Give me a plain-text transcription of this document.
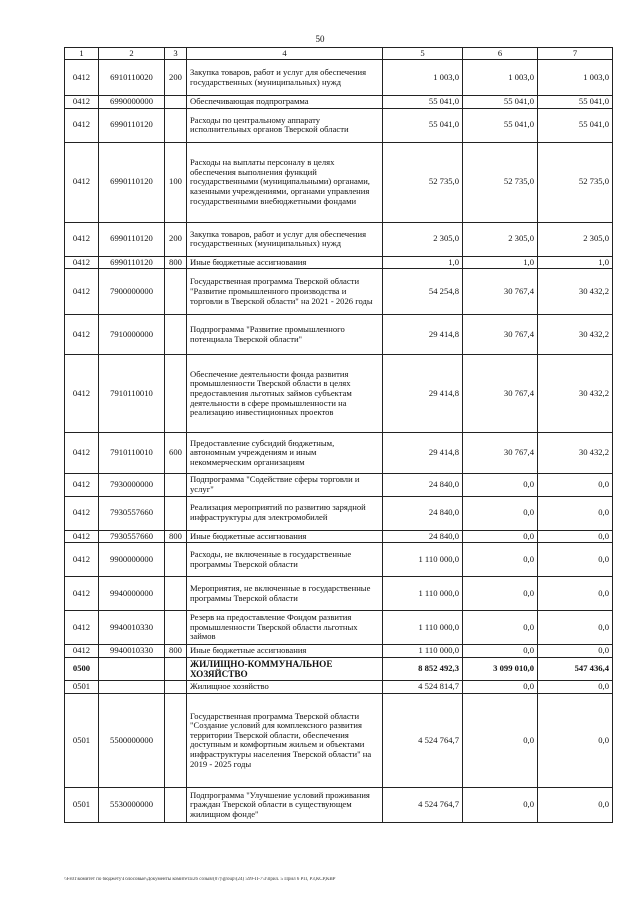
50
1	2	3	4	5	6	7
0412	6910110020	200	Закупка товаров, работ и услуг для обеспечения государственных (муниципальных) нужд	1 003,0	1 003,0	1 003,0
0412	6990000000		Обеспечивающая подпрограмма	55 041,0	55 041,0	55 041,0
0412	6990110120		Расходы по центральному аппарату исполнительных органов Тверской области	55 041,0	55 041,0	55 041,0
0412	6990110120	100	Расходы на выплаты персоналу в целях обеспечения выполнения функций государственными (муниципальными) органами, казенными учреждениями, органами управления государственными внебюджетными фондами	52 735,0	52 735,0	52 735,0
0412	6990110120	200	Закупка товаров, работ и услуг для обеспечения государственных (муниципальных) нужд	2 305,0	2 305,0	2 305,0
0412	6990110120	800	Иные бюджетные ассигнования	1,0	1,0	1,0
0412	7900000000		Государственная программа Тверской области "Развитие промышленного производства и торговли в Тверской области" на 2021 - 2026 годы	54 254,8	30 767,4	30 432,2
0412	7910000000		Подпрограмма "Развитие промышленного потенциала Тверской области"	29 414,8	30 767,4	30 432,2
0412	7910110010		Обеспечение деятельности фонда развития промышленности Тверской области в целях предоставления льготных займов субъектам деятельности в сфере промышленности на реализацию инвестиционных проектов	29 414,8	30 767,4	30 432,2
0412	7910110010	600	Предоставление субсидий бюджетным, автономным учреждениям и иным некоммерческим организациям	29 414,8	30 767,4	30 432,2
0412	7930000000		Подпрограмма "Содействие сферы торговли и услуг"	24 840,0	0,0	0,0
0412	7930557660		Реализация мероприятий по развитию зарядной инфраструктуры для электромобилей	24 840,0	0,0	0,0
0412	7930557660	800	Иные бюджетные ассигнования	24 840,0	0,0	0,0
0412	9900000000		Расходы, не включенные в государственные программы Тверской области	1 110 000,0	0,0	0,0
0412	9940000000		Мероприятия, не включенные в государственные программы Тверской области	1 110 000,0	0,0	0,0
0412	9940010330		Резерв на предоставление Фондом развития промышленности Тверской области льготных займов	1 110 000,0	0,0	0,0
0412	9940010330	800	Иные бюджетные ассигнования	1 110 000,0	0,0	0,0
0500			ЖИЛИЩНО-КОММУНАЛЬНОЕ ХОЗЯЙСТВО	8 852 492,3	3 099 010,0	547 436,4
0501			Жилищное хозяйство	4 524 814,7	0,0	0,0
0501	5500000000		Государственная программа Тверской области "Создание условий для комплексного развития территории Тверской области, обеспечения доступным и комфортным жильем и объектами инфраструктуры населения Тверской области" на 2019 - 2025 годы	4 524 764,7	0,0	0,0
0501	5530000000		Подпрограмма "Улучшение условий проживания граждан Тверской области в существующем жилищном фонде"	4 524 764,7	0,0	0,0
\\Fs01\комитет по бюджету\Голосовые\Документы комитета\26 созыв\(07)\group\(24) 599-П-7\3\прил. 5 Прил 6 РП, РЗ,КСР,КВР
